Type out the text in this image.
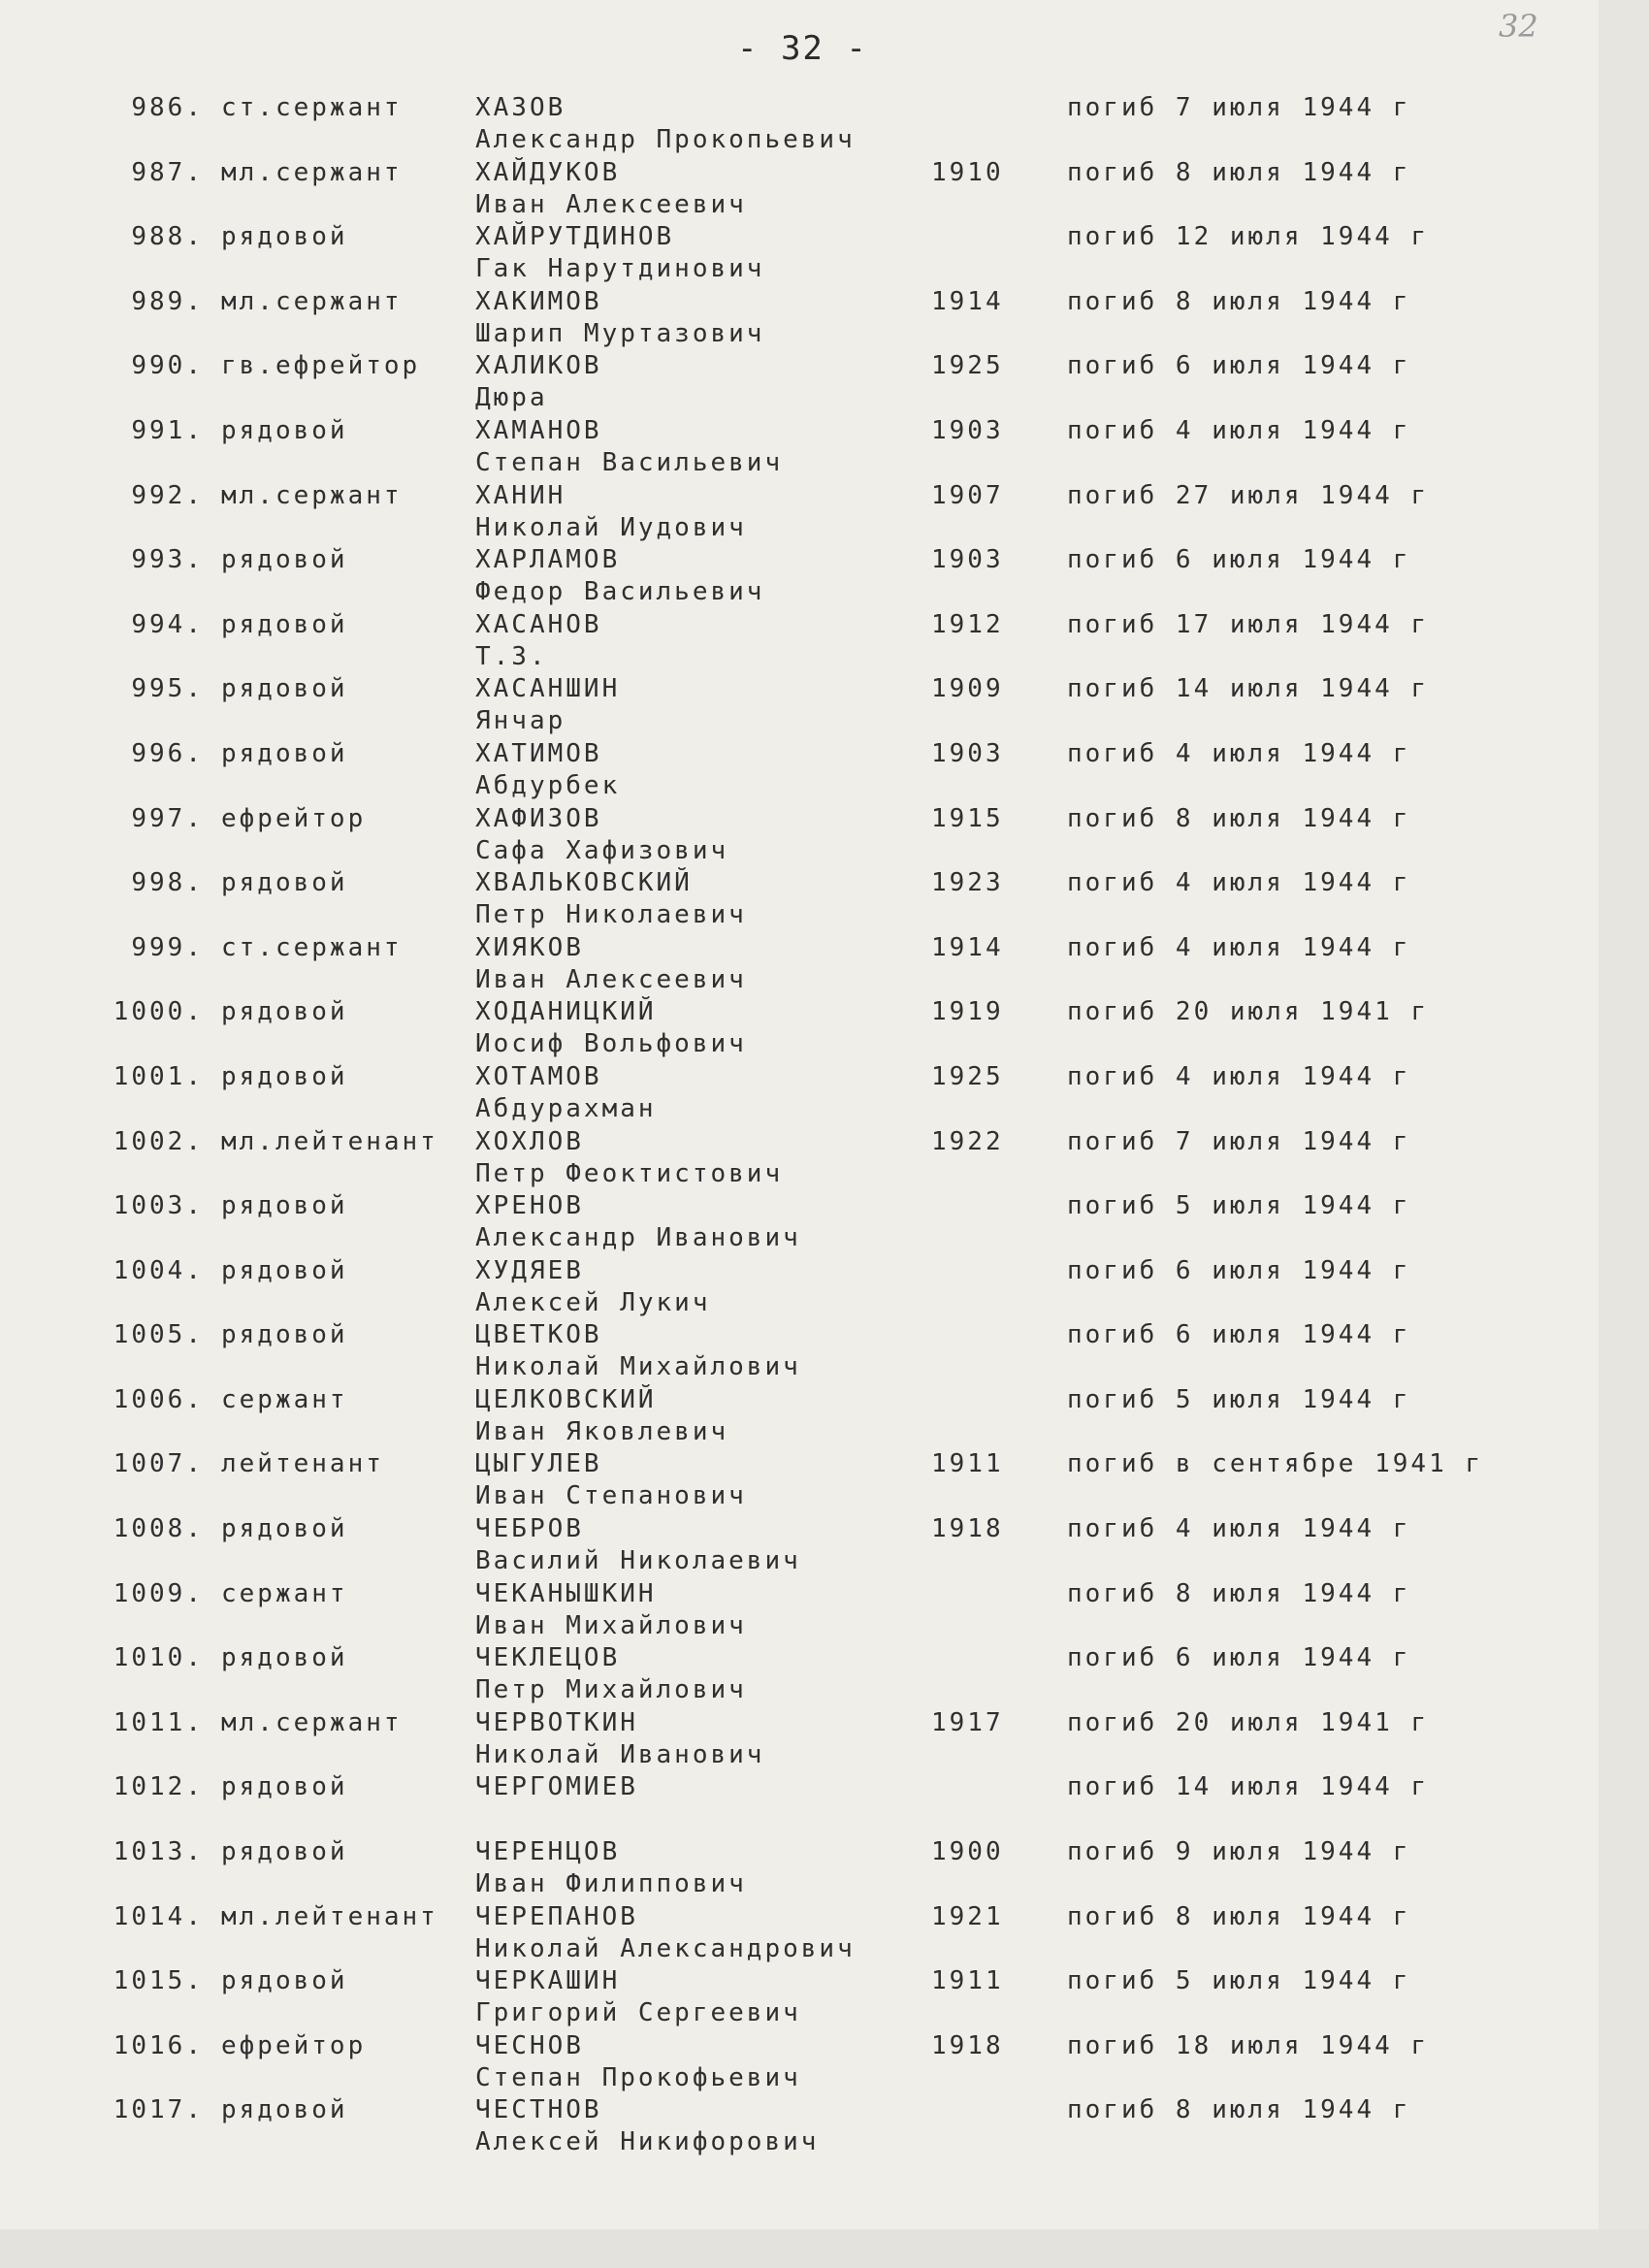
- 32 -
32
986. ст.сержант	ХАЗОВ
Александр Прокопьевич
погиб 7 июля 1944 г
987. мл.сержант	ХАЙДУКОВ
Иван Алексеевич
1910	погиб 8 июля 1944 г
988. рядовой	ХАЙРУТДИНОВ
Гак Нарутдинович
погиб 12 июля 1944 г
989. мл.сержант	ХАКИМОВ
Шарип Муртазович
1914	погиб 8 июля 1944 г
990. гв.ефрейтор ХАЛИКОВ
Дюра
1925	погиб 6 июля 1944 г
991. рядовой	ХАМАНОВ
Степан Васильевич
1903	погиб 4 июля 1944 г
992. мл.сержант	ХАНИН
Николай Иудович
1907	погиб 27 июля 1944 г
993. рядовой	ХАРЛАМОВ
Федор Васильевич
1903	погиб 6 июля 1944 г
994. рядовой	ХАСАНОВ
Т.З.
1912	погиб 17 июля 1944 г
995. рядовой	ХАСАНШИН
Янчар
1909	погиб 14 июля 1944 г
996. рядовой	ХАТИМОВ
Абдурбек
1903	погиб 4 июля 1944 г
997. ефрейтор	ХАФИЗОВ
Сафа Хафизович
1915	погиб 8 июля 1944 г
998. рядовой	ХВАЛЬКОВСКИЙ
Петр Николаевич
1923	погиб 4 июля 1944 г
999. ст.сержант	ХИЯКОВ
Иван Алексеевич
1914	погиб 4 июля 1944 г
1000. рядовой	ХОДАНИЦКИЙ
Иосиф Вольфович
1919	погиб 20 июля 1941 г
1001. рядовой	ХОТАМОВ
Абдурахман
1925	погиб 4 июля 1944 г
1002. мл.лейтенант ХОХЛОВ
Петр Феоктистович
1922	погиб 7 июля 1944 г
1003. рядовой	ХРЕНОВ
Александр Иванович
погиб 5 июля 1944 г
1004. рядовой	ХУДЯЕВ
Алексей Лукич
погиб 6 июля 1944 г
1005. рядовой	ЦВЕТКОВ
Николай Михайлович
погиб 6 июля 1944 г
1006. сержант	ЦЕЛКОВСКИЙ
Иван Яковлевич
погиб 5 июля 1944 г
1007. лейтенант	ЦЫГУЛЕВ
Иван Степанович
1911	погиб в сентябре 1941 г
1008. рядовой	ЧЕБРОВ
Василий Николаевич
1918	погиб 4 июля 1944 г
1009. сержант	ЧЕКАНЫШКИН
Иван Михайлович
погиб 8 июля 1944 г
1010. рядовой	ЧЕКЛЕЦОВ
Петр Михайлович
погиб 6 июля 1944 г
1011. мл.сержант	ЧЕРВОТКИН
Николай Иванович
1917	погиб 20 июля 1941 г
1012. рядовой	ЧЕРГОМИЕВ	погиб 14 июля 1944 г
1013. рядовой	ЧЕРЕНЦОВ
Иван Филиппович
1900	погиб 9 июля 1944 г
1014. мл.лейтенант ЧЕРЕПАНОВ
Николай Александрович
1921	погиб 8 июля 1944 г
1015. рядовой	ЧЕРКАШИН
Григорий Сергеевич
1911	погиб 5 июля 1944 г
1016. ефрейтор	ЧЕСНОВ
Степан Прокофьевич
1918	погиб 18 июля 1944 г
1017. рядовой	ЧЕСТНОВ
Алексей Никифорович
погиб 8 июля 1944 г
